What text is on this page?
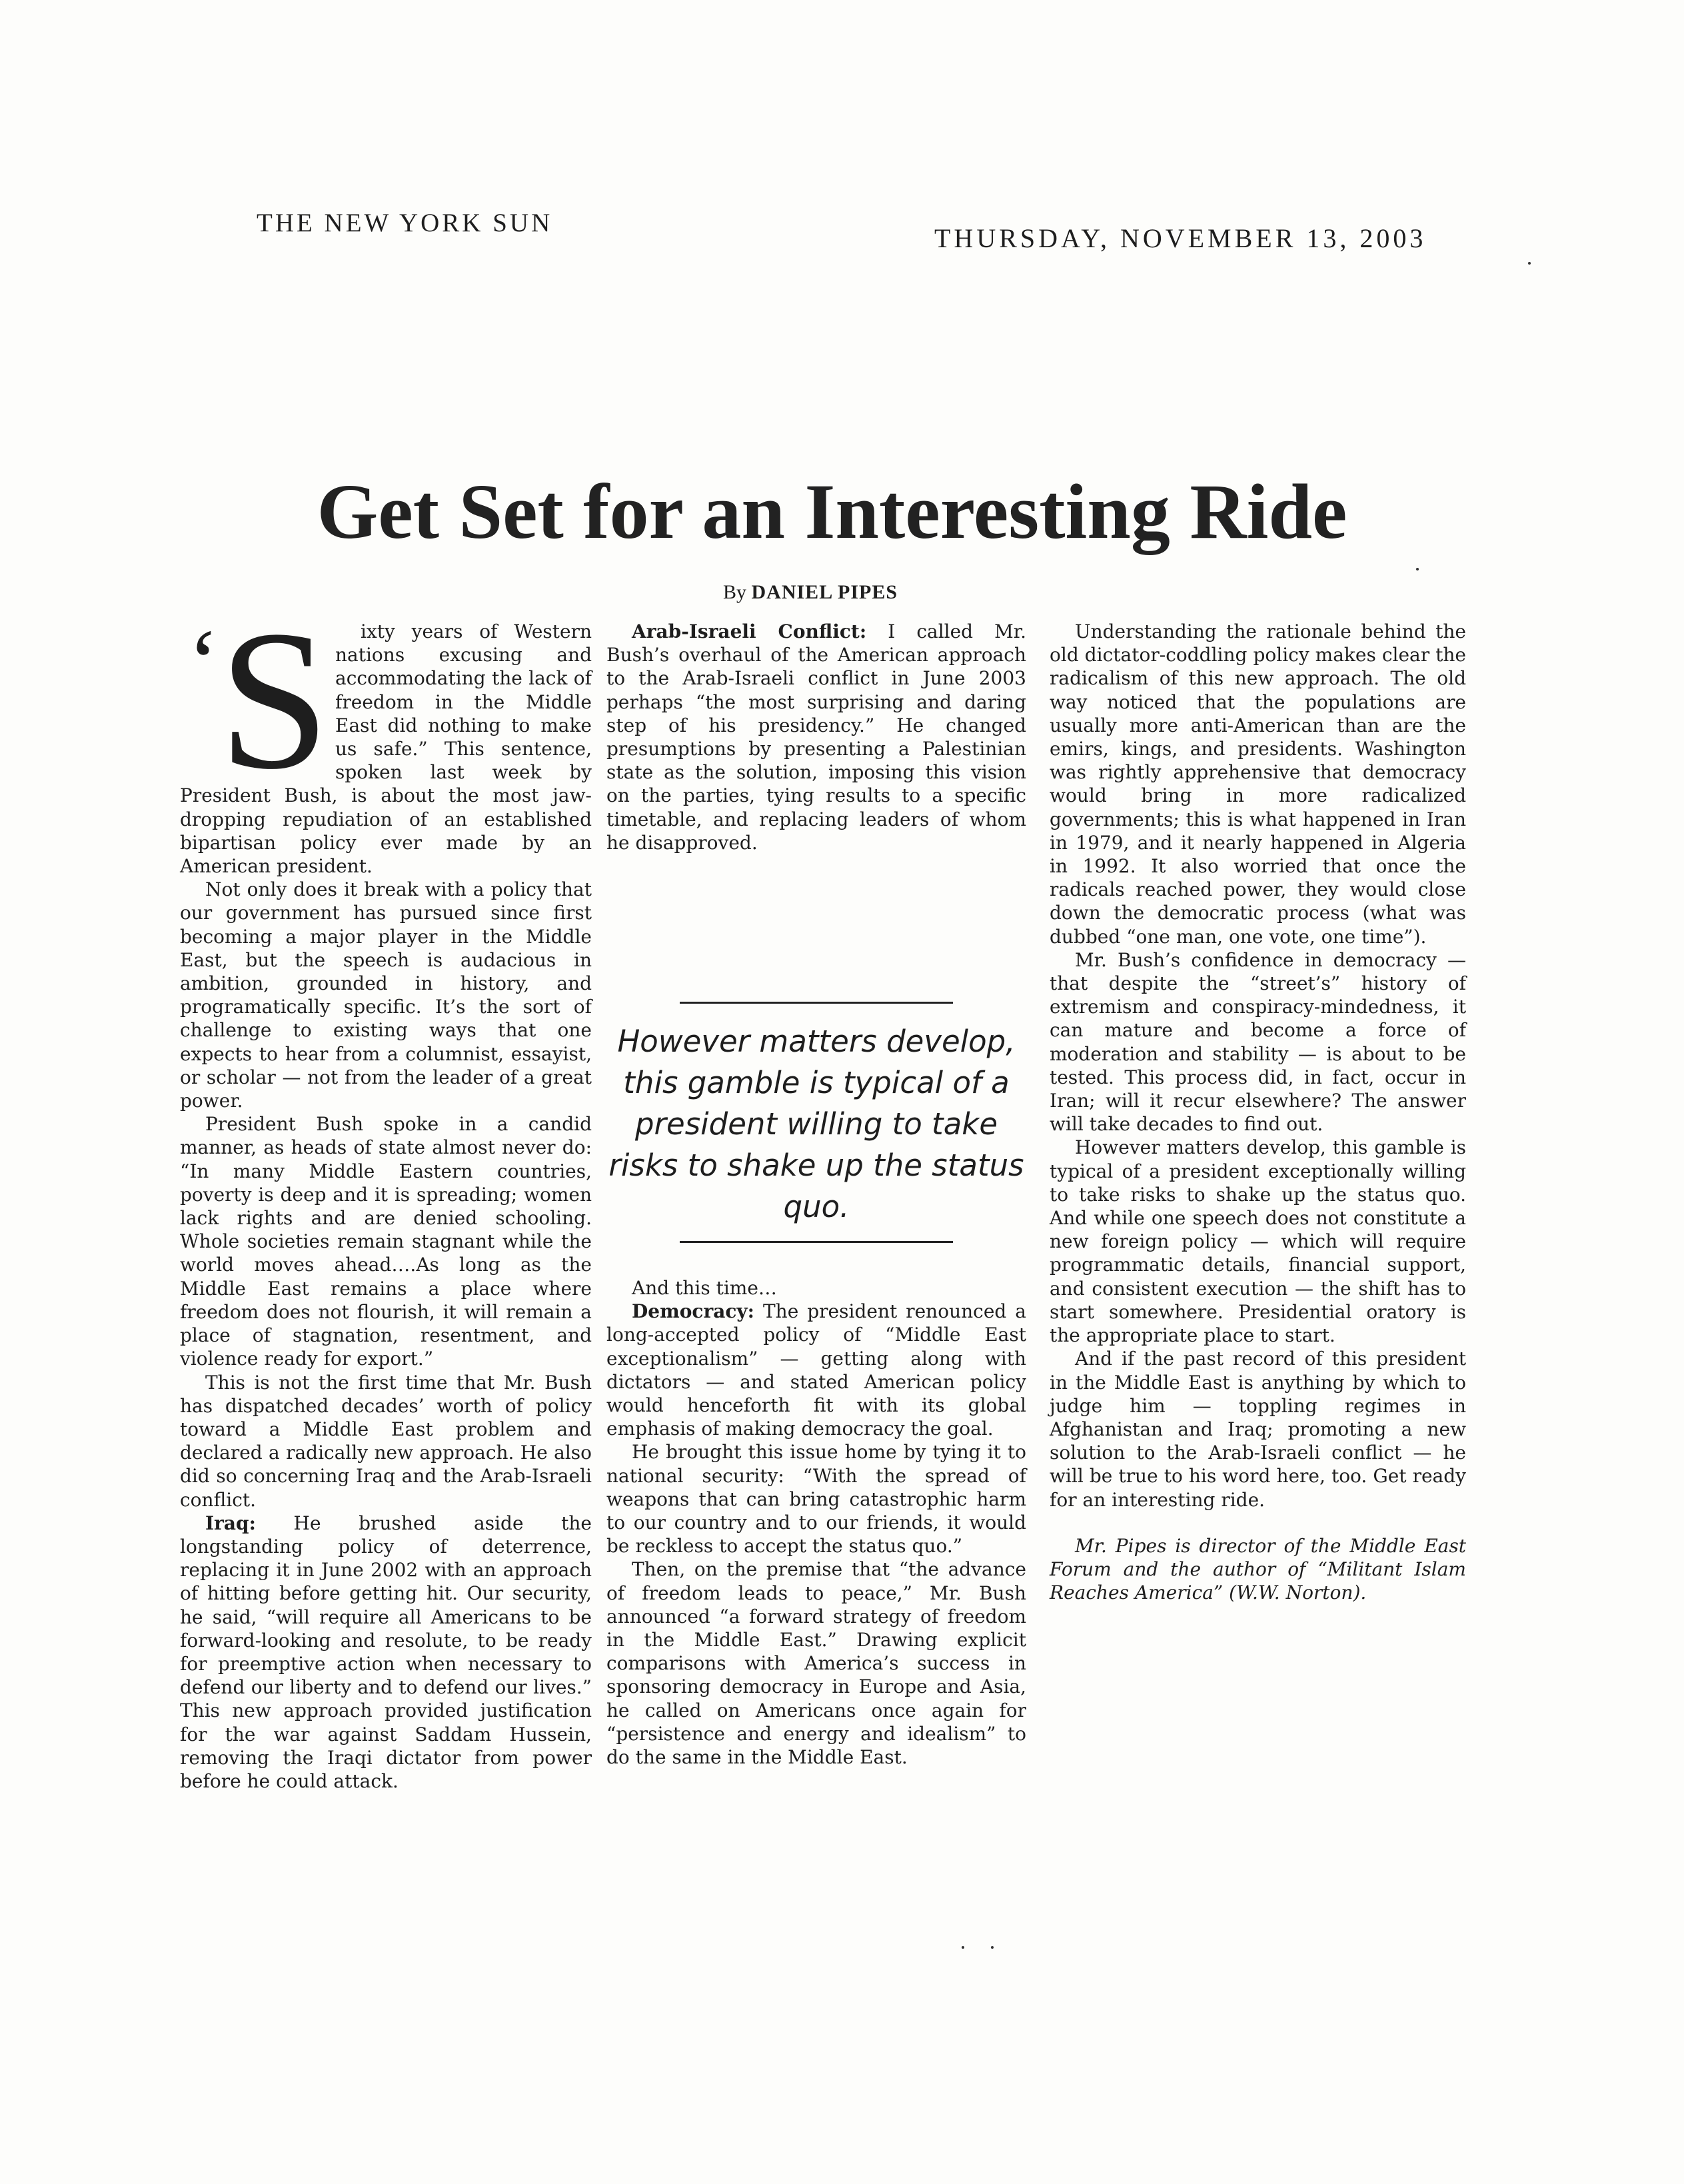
THE NEW YORK SUN
THURSDAY, NOVEMBER 13, 2003
Get Set for an Interesting Ride
By DANIEL PIPES
‘ S	ixty years of Western nations excusing and accommodating the lack of freedom in the Middle East did nothing to make us safe.” This sentence, spoken last week by President Bush, is about the most jaw-dropping repudiation of an established bipartisan policy ever made by an American president.

Not only does it break with a policy that our government has pursued since first becoming a major player in the Middle East, but the speech is audacious in ambition, grounded in history, and programatically specific. It’s the sort of challenge to existing ways that one expects to hear from a columnist, essayist, or scholar — not from the leader of a great power.

President Bush spoke in a candid manner, as heads of state almost never do: “In many Middle Eastern countries, poverty is deep and it is spreading; women lack rights and are denied schooling. Whole societies remain stagnant while the world moves ahead….As long as the Middle East remains a place where freedom does not flourish, it will remain a place of stagnation, resentment, and violence ready for export.”

This is not the first time that Mr. Bush has dispatched decades’ worth of policy toward a Middle East problem and declared a radically new approach. He also did so concerning Iraq and the Arab-Israeli conflict.

Iraq: He brushed aside the longstanding policy of deterrence, replacing it in June 2002 with an approach of hitting before getting hit. Our security, he said, “will require all Americans to be forward-looking and resolute, to be ready for preemptive action when necessary to defend our liberty and to defend our lives.” This new approach provided justification for the war against Saddam Hussein, removing the Iraqi dictator from power before he could attack.

Arab-Israeli Conflict: I called Mr. Bush’s overhaul of the American approach to the Arab-Israeli conflict in June 2003 perhaps “the most surprising and daring step of his presidency.” He changed presumptions by presenting a Palestinian state as the solution, imposing this vision on the parties, tying results to a specific timetable, and replacing leaders of whom he disapproved.

However matters develop, this gamble is typical of a president willing to take risks to shake up the status quo.

And this time…

Democracy: The president renounced a long-accepted policy of “Middle East exceptionalism” — getting along with dictators — and stated American policy would henceforth fit with its global emphasis of making democracy the goal.

He brought this issue home by tying it to national security: “With the spread of weapons that can bring catastrophic harm to our country and to our friends, it would be reckless to accept the status quo.”

Then, on the premise that “the advance of freedom leads to peace,” Mr. Bush announced “a forward strategy of freedom in the Middle East.” Drawing explicit comparisons with America’s success in sponsoring democracy in Europe and Asia, he called on Americans once again for “persistence and energy and idealism” to do the same in the Middle East.

Understanding the rationale behind the old dictator-coddling policy makes clear the radicalism of this new approach. The old way noticed that the populations are usually more anti-American than are the emirs, kings, and presidents. Washington was rightly apprehensive that democracy would bring in more radicalized governments; this is what happened in Iran in 1979, and it nearly happened in Algeria in 1992. It also worried that once the radicals reached power, they would close down the democratic process (what was dubbed “one man, one vote, one time”).

Mr. Bush’s confidence in democracy — that despite the “street’s” history of extremism and conspiracy-mindedness, it can mature and become a force of moderation and stability — is about to be tested. This process did, in fact, occur in Iran; will it recur elsewhere? The answer will take decades to find out.

However matters develop, this gamble is typical of a president exceptionally willing to take risks to shake up the status quo. And while one speech does not constitute a new foreign policy — which will require programmatic details, financial support, and consistent execution — the shift has to start somewhere. Presidential oratory is the appropriate place to start.

And if the past record of this president in the Middle East is anything by which to judge him — toppling regimes in Afghanistan and Iraq; promoting a new solution to the Arab-Israeli conflict — he will be true to his word here, too. Get ready for an interesting ride.

Mr. Pipes is director of the Middle East Forum and the author of “Militant Islam Reaches America” (W.W. Norton).
